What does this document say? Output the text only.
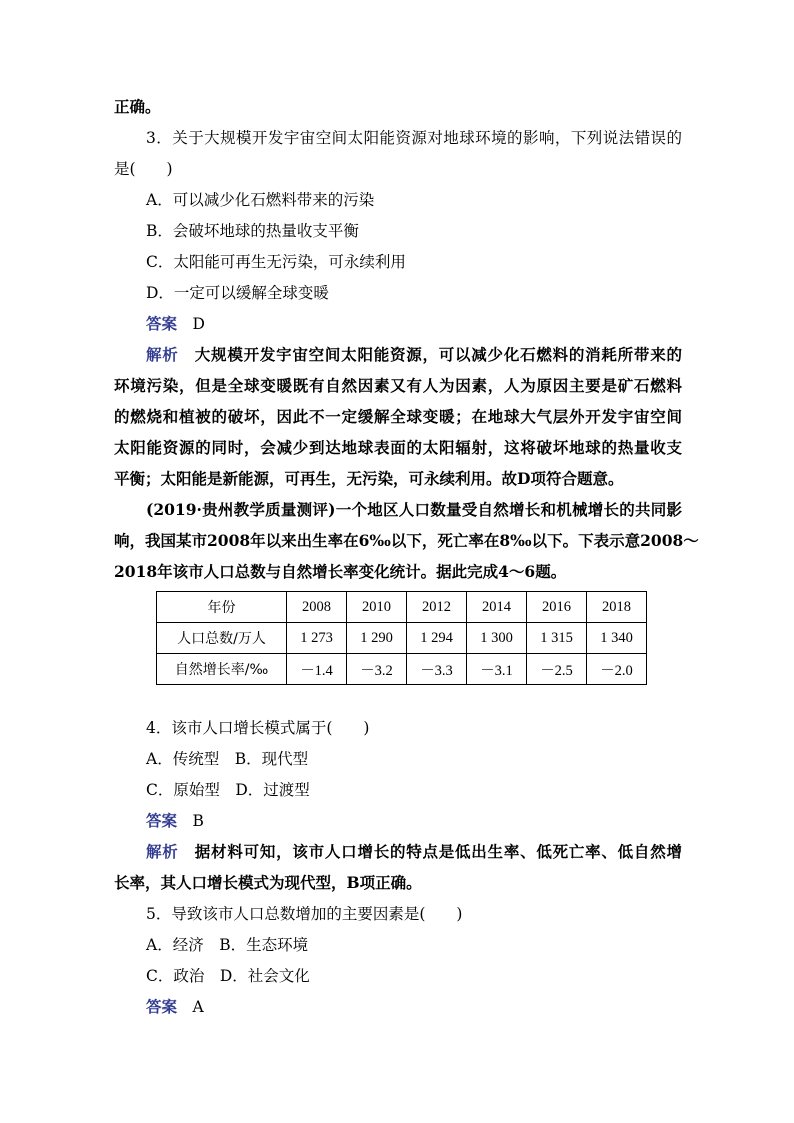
正确。
3．关于大规模开发宇宙空间太阳能资源对地球环境的影响，下列说法错误的
是(　　)
A．可以减少化石燃料带来的污染
B．会破坏地球的热量收支平衡
C．太阳能可再生无污染，可永续利用
D．一定可以缓解全球变暖
答案　 D
解析　 大规模开发宇宙空间太阳能资源，可以减少化石燃料的消耗所带来的
环境污染，但是全球变暖既有自然因素又有人为因素，人为原因主要是矿石燃料
的燃烧和植被的破坏，因此不一定缓解全球变暖；在地球大气层外开发宇宙空间
太阳能资源的同时，会减少到达地球表面的太阳辐射，这将破坏地球的热量收支
平衡；太阳能是新能源，可再生，无污染，可永续利用。故D项符合题意。
(2019·贵州教学质量测评)一个地区人口数量受自然增长和机械增长的共同影
响，我国某市2008年以来出生率在6‰以下，死亡率在8‰以下。下表示意2008～
2018年该市人口总数与自然增长率变化统计。据此完成4～6题。
年份	2008	2010	2012	2014	2016	2018
人口总数/万人	1 273	1 290	1 294	1 300	1 315	1 340
自然增长率/‰	－1.4	－3.2	－3.3	－3.1	－2.5	－2.0
4．该市人口增长模式属于(　　)
A．传统型　B．现代型
C．原始型　D．过渡型
答案　 B
解析　 据材料可知，该市人口增长的特点是低出生率、低死亡率、低自然增
长率，其人口增长模式为现代型，B项正确。
5．导致该市人口总数增加的主要因素是(　　)
A．经济　B．生态环境
C．政治　D．社会文化
答案　 A
